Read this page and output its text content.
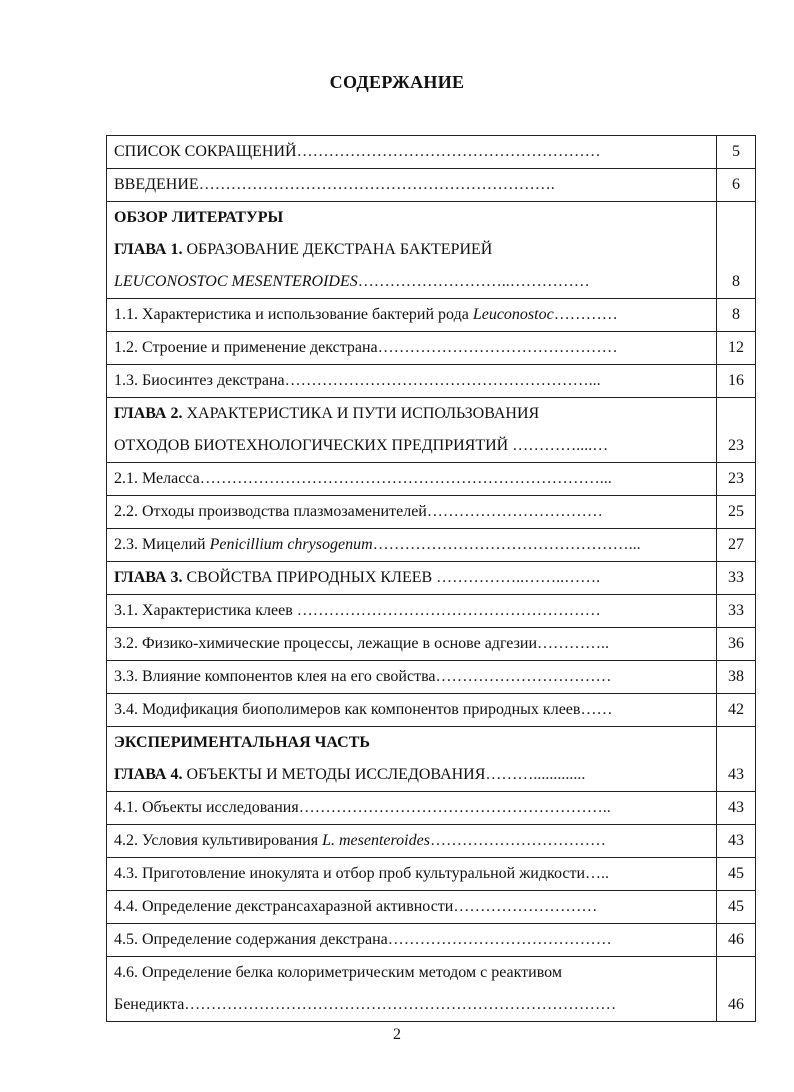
СОДЕРЖАНИЕ
СПИСОК СОКРАЩЕНИЙ…………………………………………………	5

ВВЕДЕНИЕ………………………………………………………….	6

ОБЗОР ЛИТЕРАТУРЫ
ГЛАВА 1. ОБРАЗОВАНИЕ ДЕКСТРАНА БАКТЕРИЕЙ
LEUCONOSTOC MESENTEROIDES………………………..……………	8

1.1. Характеристика и использование бактерий рода Leuconostoc…………	8

1.2. Строение и применение декстрана………………………………………	12

1.3. Биосинтез декстрана…………………………………………………...	16

ГЛАВА 2. ХАРАКТЕРИСТИКА И ПУТИ ИСПОЛЬЗОВАНИЯ
ОТХОДОВ БИОТЕХНОЛОГИЧЕСКИХ ПРЕДПРИЯТИЙ …………....…	23

2.1. Меласса…………………………………………………………………...	23

2.2. Отходы производства плазмозаменителей……………………………	25

2.3. Мицелий Penicillium chrysogenum…………………………………………...	27

ГЛАВА 3. СВОЙСТВА ПРИРОДНЫХ КЛЕЕВ ……………..……..…….	33

3.1. Характеристика клеев …………………………………………………	33

3.2. Физико-химические процессы, лежащие в основе адгезии…………..	36

3.3. Влияние компонентов клея на его свойства……………………………	38

3.4. Модификация биополимеров как компонентов природных клеев……	42

ЭКСПЕРИМЕНТАЛЬНАЯ ЧАСТЬ
ГЛАВА 4. ОБЪЕКТЫ И МЕТОДЫ ИССЛЕДОВАНИЯ……….............	43

4.1. Объекты исследования…………………………………………………..	43

4.2. Условия культивирования L. mesenteroides……………………………	43

4.3. Приготовление инокулята и отбор проб культуральной жидкости…..	45

4.4. Определение декстрансахаразной активности………………………	45

4.5. Определение содержания декстрана……………………………………	46

4.6. Определение белка колориметрическим методом с реактивом
Бенедикта………………………………………………………………………	46
2
